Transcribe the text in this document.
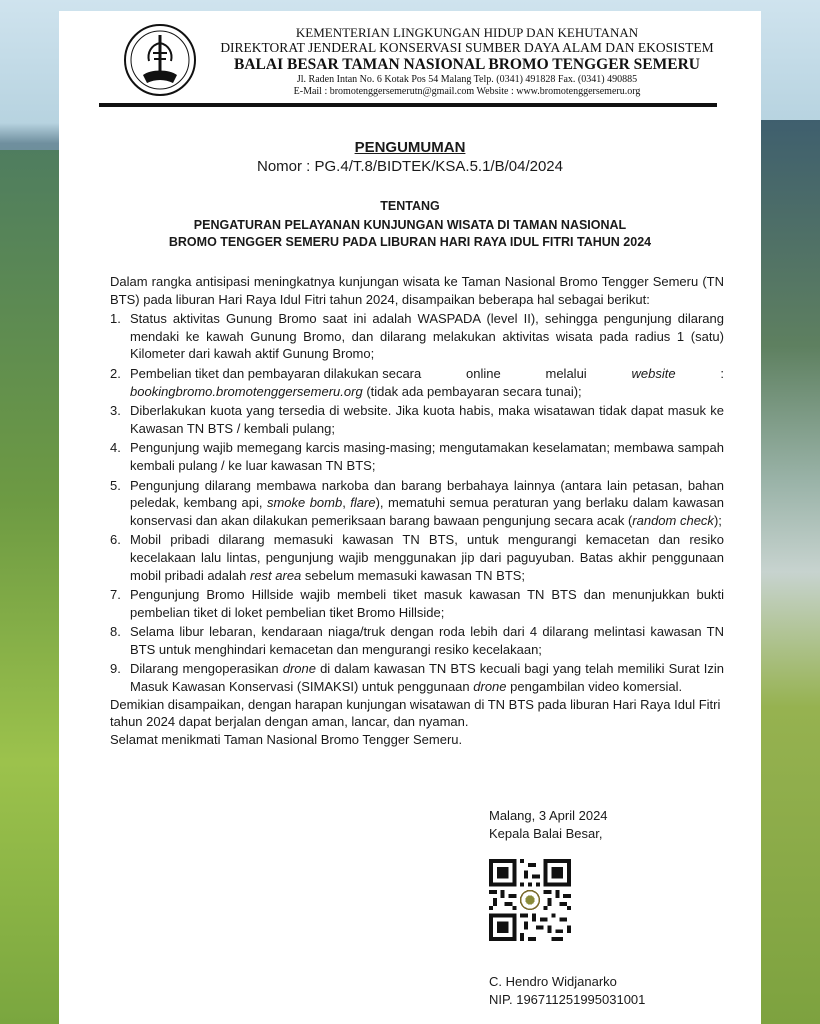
KEMENTERIAN LINGKUNGAN HIDUP DAN KEHUTANAN
DIREKTORAT JENDERAL KONSERVASI SUMBER DAYA ALAM DAN EKOSISTEM
BALAI BESAR TAMAN NASIONAL BROMO TENGGER SEMERU
Jl. Raden Intan No. 6 Kotak Pos 54 Malang Telp. (0341) 491828 Fax. (0341) 490885
E-Mail : bromotenggersemerutn@gmail.com Website : www.bromotenggersemeru.org
PENGUMUMAN
Nomor : PG.4/T.8/BIDTEK/KSA.5.1/B/04/2024
TENTANG
PENGATURAN PELAYANAN KUNJUNGAN WISATA DI TAMAN NASIONAL
BROMO TENGGER SEMERU PADA LIBURAN HARI RAYA IDUL FITRI TAHUN 2024

Dalam rangka antisipasi meningkatnya kunjungan wisata ke Taman Nasional Bromo Tengger Semeru (TN BTS) pada liburan Hari Raya Idul Fitri tahun 2024, disampaikan beberapa hal sebagai berikut:

1. Status aktivitas Gunung Bromo saat ini adalah WASPADA (level II), sehingga pengunjung dilarang mendaki ke kawah Gunung Bromo, dan dilarang melakukan aktivitas wisata pada radius 1 (satu) Kilometer dari kawah aktif Gunung Bromo;
2. Pembelian tiket dan pembayaran dilakukan secara	online	melalui	website	:
bookingbromo.bromotenggersemeru.org (tidak ada pembayaran secara tunai);
3. Diberlakukan kuota yang tersedia di website. Jika kuota habis, maka wisatawan tidak dapat masuk ke Kawasan TN BTS / kembali pulang;
4. Pengunjung wajib memegang karcis masing-masing; mengutamakan keselamatan; membawa sampah kembali pulang / ke luar kawasan TN BTS;
5. Pengunjung dilarang membawa narkoba dan barang berbahaya lainnya (antara lain petasan, bahan peledak, kembang api, smoke bomb, flare), mematuhi semua peraturan yang berlaku dalam kawasan konservasi dan akan dilakukan pemeriksaan barang bawaan pengunjung secara acak (random check);
6. Mobil pribadi dilarang memasuki kawasan TN BTS, untuk mengurangi kemacetan dan resiko kecelakaan lalu lintas, pengunjung wajib menggunakan jip dari paguyuban. Batas akhir penggunaan mobil pribadi adalah rest area sebelum memasuki kawasan TN BTS;
7. Pengunjung Bromo Hillside wajib membeli tiket masuk kawasan TN BTS dan menunjukkan bukti pembelian tiket di loket pembelian tiket Bromo Hillside;
8. Selama libur lebaran, kendaraan niaga/truk dengan roda lebih dari 4 dilarang melintasi kawasan TN BTS untuk menghindari kemacetan dan mengurangi resiko kecelakaan;
9. Dilarang mengoperasikan drone di dalam kawasan TN BTS kecuali bagi yang telah memiliki Surat Izin Masuk Kawasan Konservasi (SIMAKSI) untuk penggunaan drone pengambilan video komersial.

Demikian disampaikan, dengan harapan kunjungan wisatawan di TN BTS pada liburan Hari Raya Idul Fitri tahun 2024 dapat berjalan dengan aman, lancar, dan nyaman.

Selamat menikmati Taman Nasional Bromo Tengger Semeru.

Malang, 3 April 2024
Kepala Balai Besar,
C. Hendro Widjanarko
NIP. 196711251995031001
